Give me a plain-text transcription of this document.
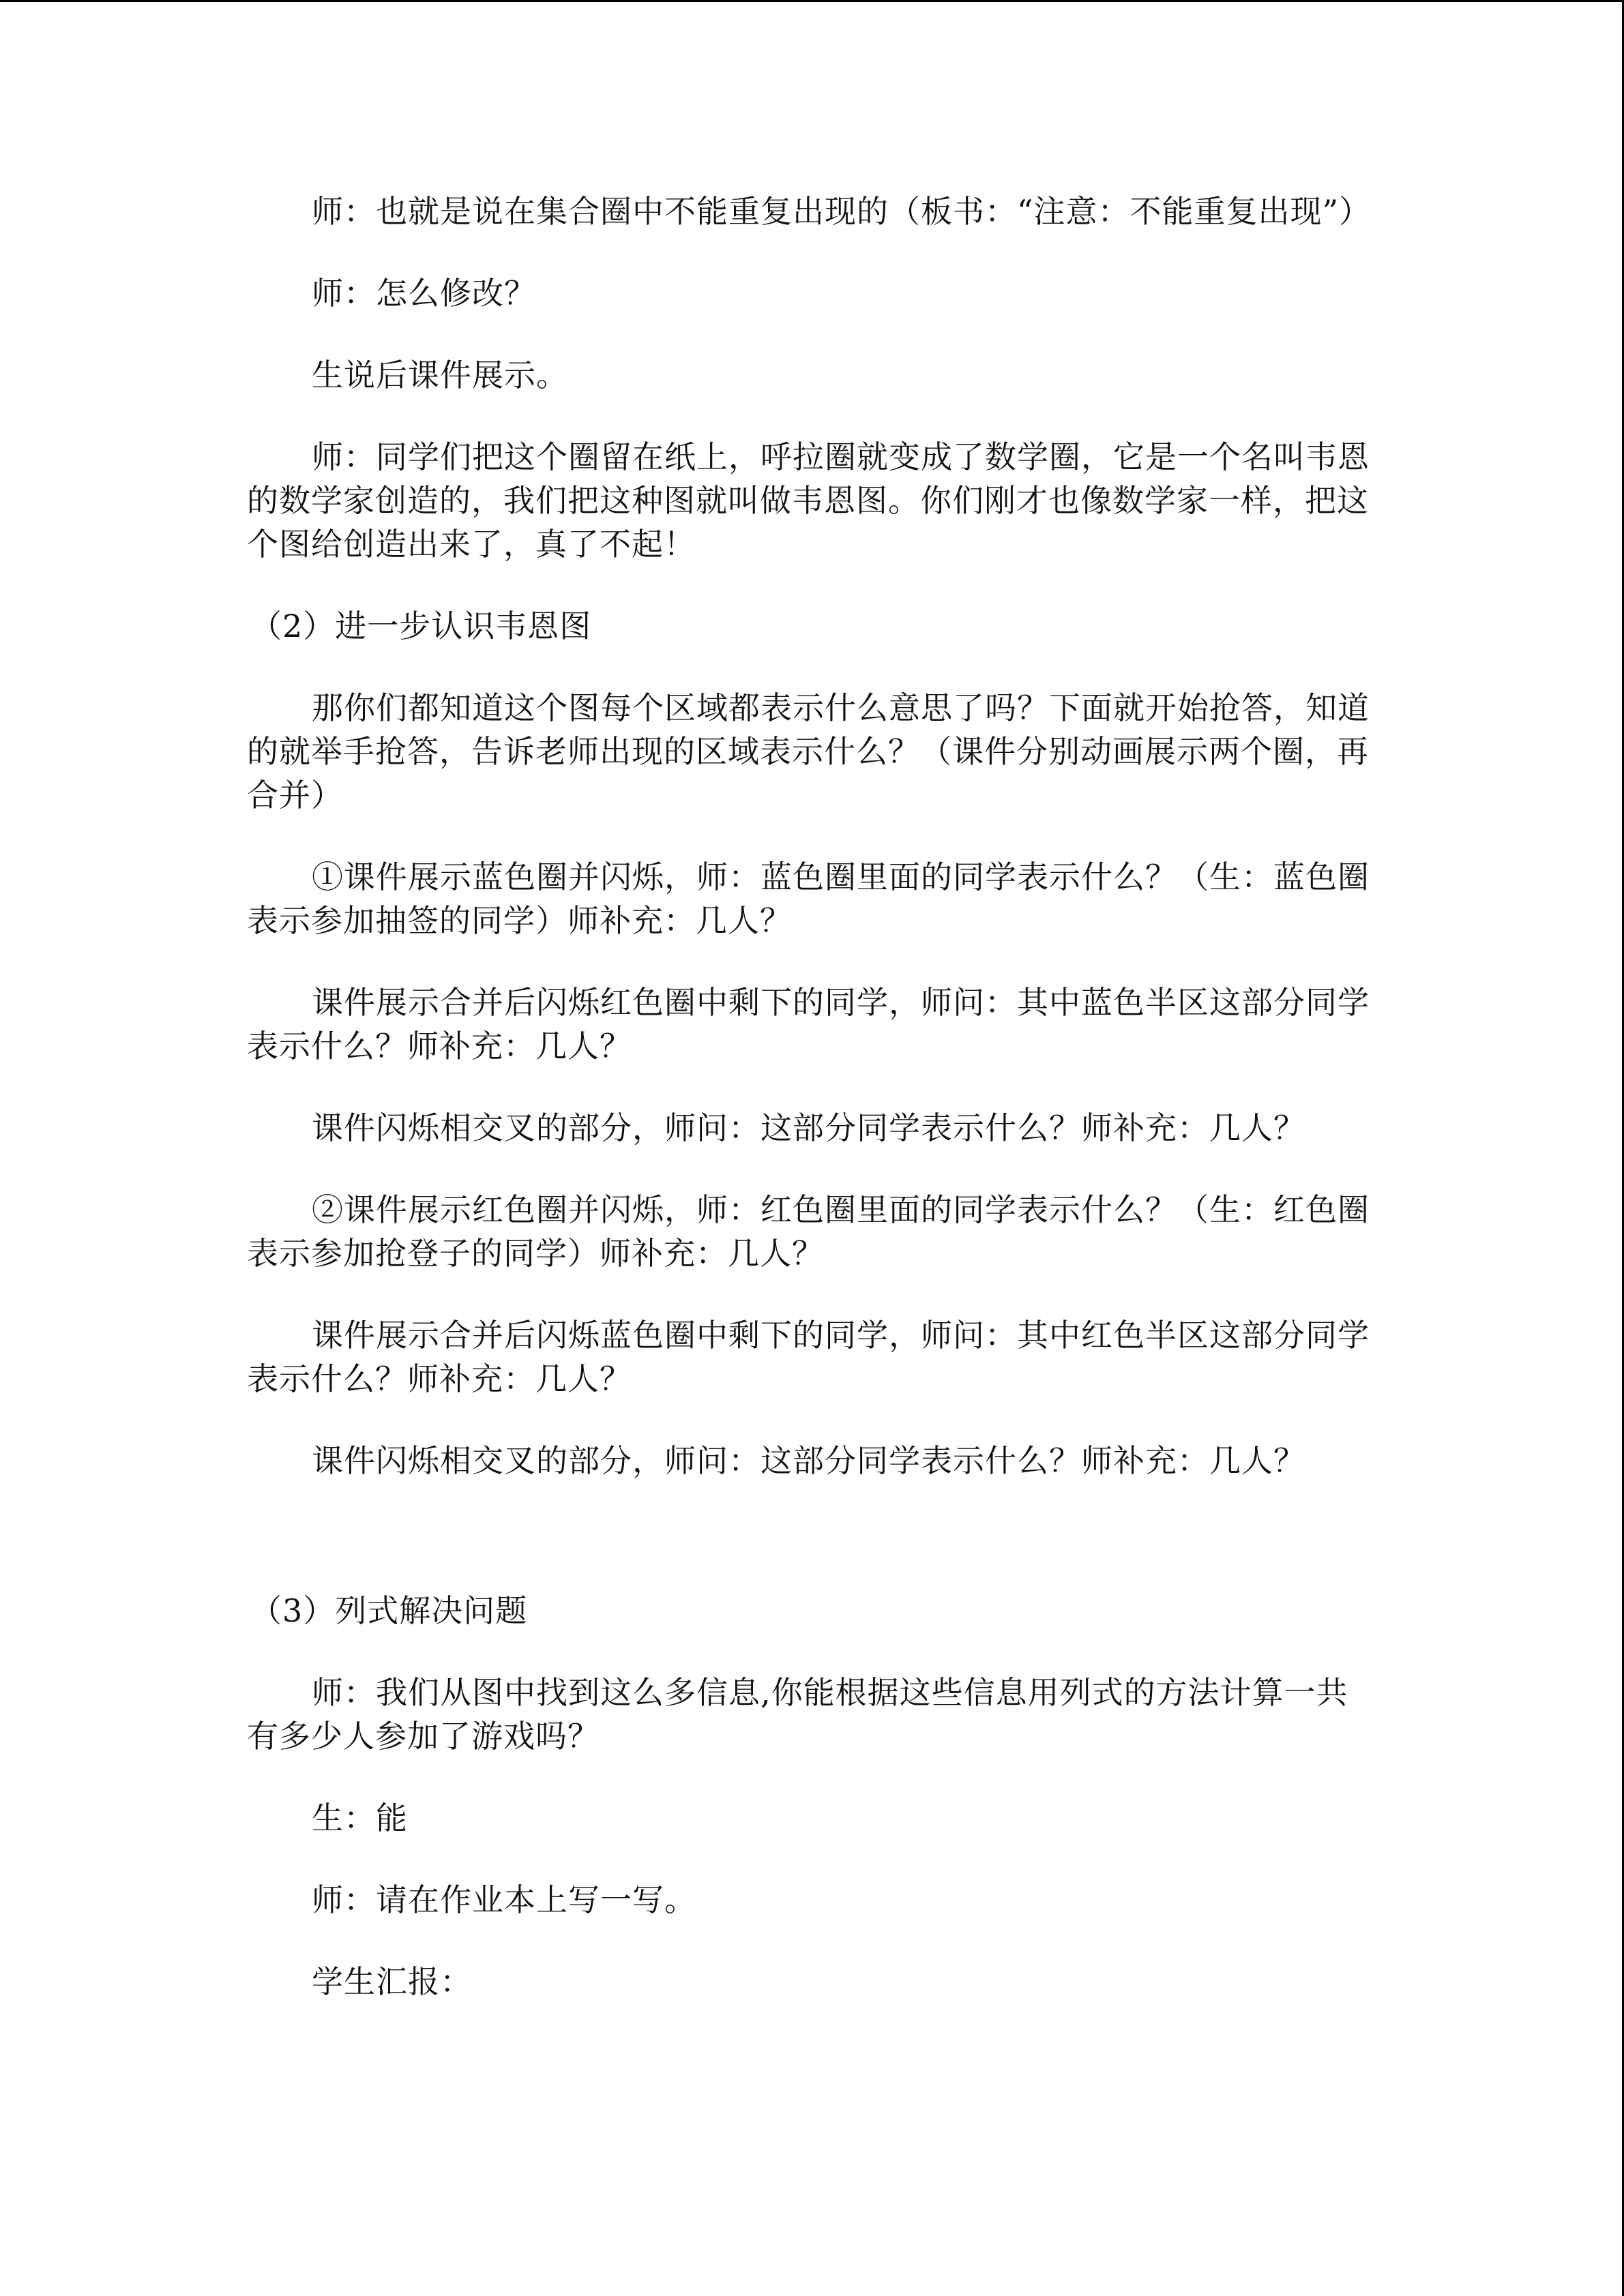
师：也就是说在集合圈中不能重复出现的（板书：“注意：不能重复出现”）

师：怎么修改？

生说后课件展示。

师：同学们把这个圈留在纸上，呼拉圈就变成了数学圈，它是一个名叫韦恩的数学家创造的，我们把这种图就叫做韦恩图。你们刚才也像数学家一样，把这个图给创造出来了，真了不起！

（2）进一步认识韦恩图

那你们都知道这个图每个区域都表示什么意思了吗？下面就开始抢答，知道的就举手抢答，告诉老师出现的区域表示什么？（课件分别动画展示两个圈，再合并）

①课件展示蓝色圈并闪烁，师：蓝色圈里面的同学表示什么？（生：蓝色圈表示参加抽签的同学）师补充：几人？

课件展示合并后闪烁红色圈中剩下的同学，师问：其中蓝色半区这部分同学表示什么？师补充：几人？

课件闪烁相交叉的部分，师问：这部分同学表示什么？师补充：几人？

②课件展示红色圈并闪烁，师：红色圈里面的同学表示什么？（生：红色圈表示参加抢登子的同学）师补充：几人？

课件展示合并后闪烁蓝色圈中剩下的同学，师问：其中红色半区这部分同学表示什么？师补充：几人？

课件闪烁相交叉的部分，师问：这部分同学表示什么？师补充：几人？

（3）列式解决问题

师：我们从图中找到这么多信息,你能根据这些信息用列式的方法计算一共有多少人参加了游戏吗？

生：能

师：请在作业本上写一写。

学生汇报：
